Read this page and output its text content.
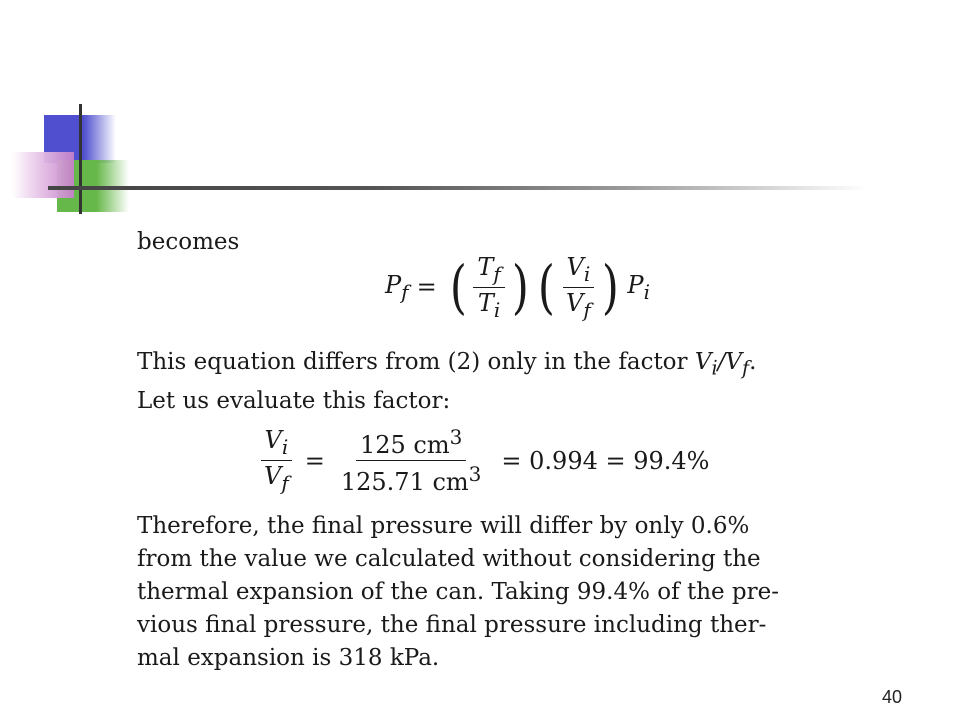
becomes

$P_f$ = ( $\frac{T_f}{T_i}$ ) ( $\frac{V_i}{V_f}$ ) $P_i$

This equation differs from (2) only in the factor $V_i/V_f$.

Let us evaluate this factor:

$\frac{V_i}{V_f} = \frac{125 cm^3}{125.71 cm^3} = 0.994 = 99.4\%$

Therefore, the final pressure will differ by only 0.6%

from the value we calculated without considering the

thermal expansion of the can. Taking 99.4% of the pre-

vious final pressure, the final pressure including ther-

mal expansion is 318 kPa.

40
